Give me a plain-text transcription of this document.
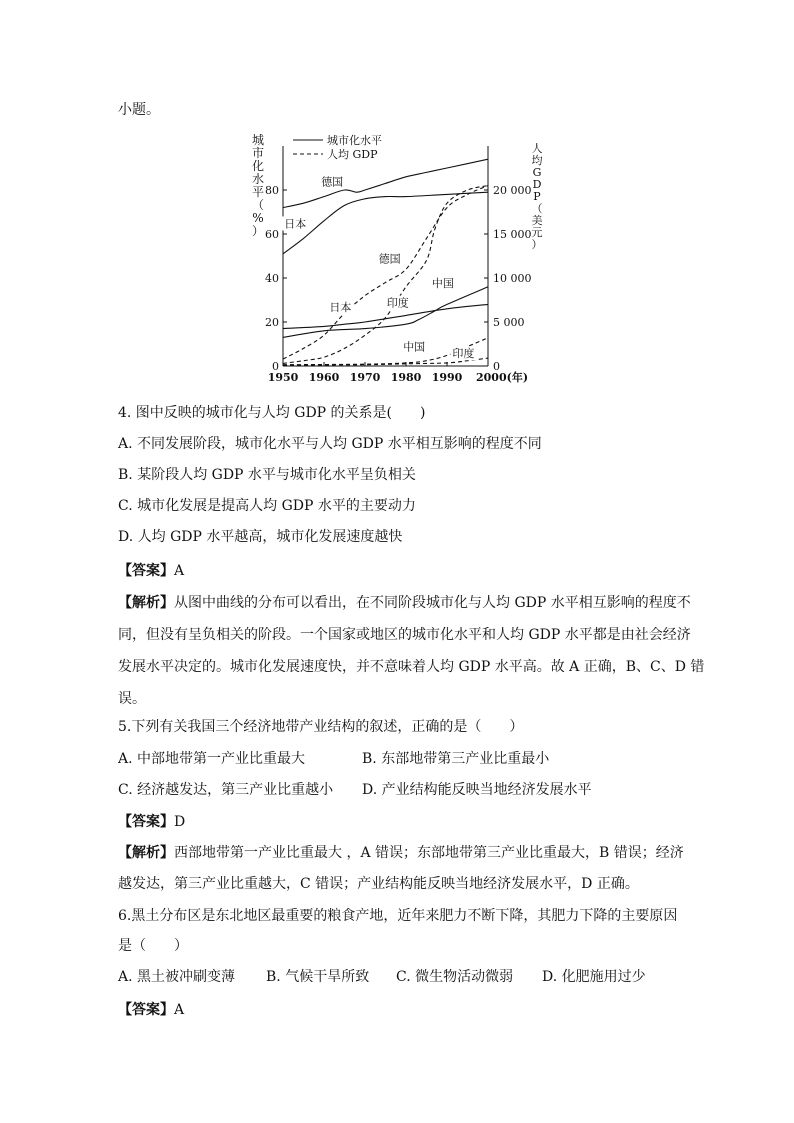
小题。
1950 1960 1970 1980 1990 2000(年)
0
20
40
60
80
5 000
10 000
15 000
20 000
0
城
市
化
水
平
（
%
）
人
均
G
D
P
（
美
元
）
城市化水平
人均 GDP
德国
日本
德国
日本	印度
中国
中国
印度
4. 图中反映的城市化与人均 GDP 的关系是(　　)
A. 不同发展阶段，城市化水平与人均 GDP 水平相互影响的程度不同
B. 某阶段人均 GDP 水平与城市化水平呈负相关
C. 城市化发展是提高人均 GDP 水平的主要动力
D. 人均 GDP 水平越高，城市化发展速度越快
【答案】A
【解析】从图中曲线的分布可以看出，在不同阶段城市化与人均 GDP 水平相互影响的程度不
同，但没有呈负相关的阶段。一个国家或地区的城市化水平和人均 GDP 水平都是由社会经济
发展水平决定的。城市化发展速度快，并不意味着人均 GDP 水平高。故 A 正确，B、C、D 错
误。
5.下列有关我国三个经济地带产业结构的叙述，正确的是（　　）
A. 中部地带第一产业比重最大	B. 东部地带第三产业比重最小
C. 经济越发达，第三产业比重越小 D. 产业结构能反映当地经济发展水平
【答案】D
【解析】西部地带第一产业比重最大 ，A 错误；东部地带第三产业比重最大，B 错误；经济
越发达，第三产业比重越大，C 错误；产业结构能反映当地经济发展水平，D 正确。
6.黑土分布区是东北地区最重要的粮食产地，近年来肥力不断下降，其肥力下降的主要原因
是（　　）
A. 黑土被冲刷变薄 B. 气候干旱所致 C. 微生物活动微弱 D. 化肥施用过少
【答案】A
